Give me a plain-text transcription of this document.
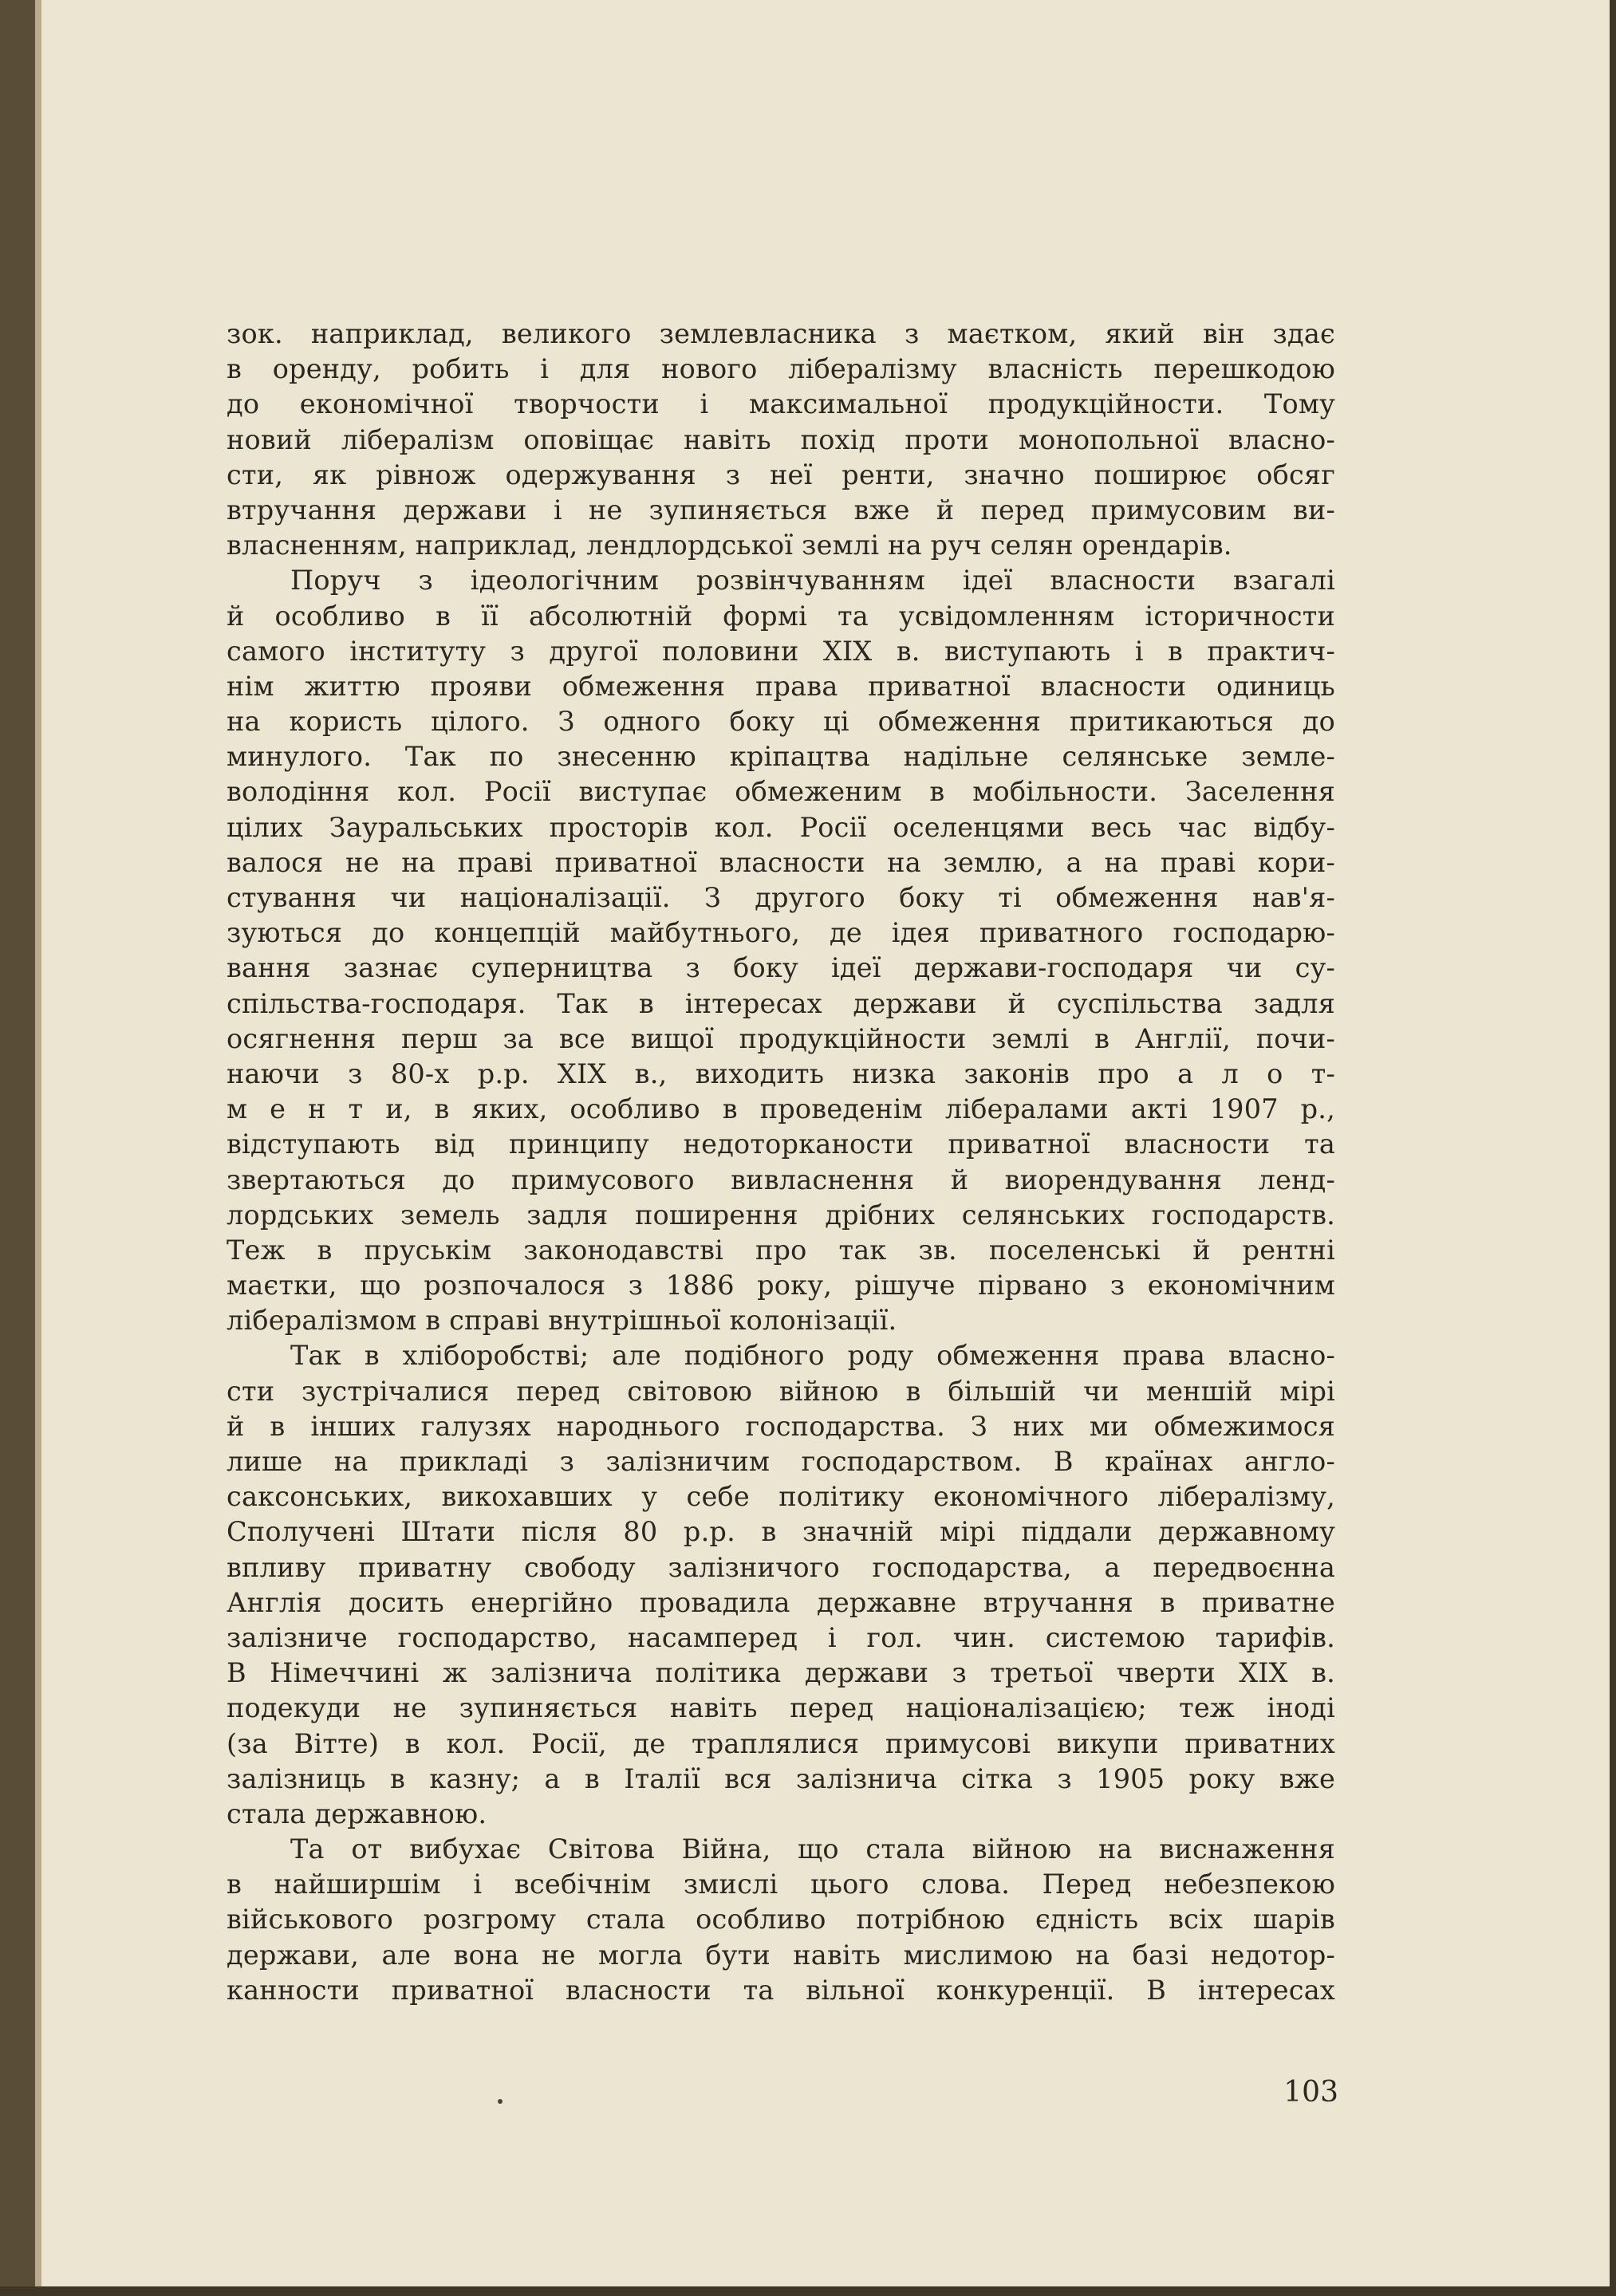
зок. наприклад, великого землевласника з маєтком, який він здає
в оренду, робить і для нового лібералізму власність перешкодою
до економічної творчости і максимальної продукційности. Тому
новий лібералізм оповіщає навіть похід проти монопольної власно-
сти, як рівнож одержування з неї ренти, значно поширює обсяг
втручання держави і не зупиняється вже й перед примусовим ви-
власненням, наприклад, лендлордської землі на руч селян орендарів.
Поруч з ідеологічним розвінчуванням ідеї власности взагалі
й особливо в її абсолютній формі та усвідомленням історичности
самого інституту з другої половини XIX в. виступають і в практич-
нім життю прояви обмеження права приватної власности одиниць
на користь цілого. З одного боку ці обмеження притикаються до
минулого. Так по знесенню кріпацтва надільне селянське земле-
володіння кол. Росії виступає обмеженим в мобільности. Заселення
цілих Зауральських просторів кол. Росії оселенцями весь час відбу-
валося не на праві приватної власности на землю, а на праві кори-
стування чи націоналізації. З другого боку ті обмеження нав'я-
зуються до концепцій майбутнього, де ідея приватного господарю-
вання зазнає суперництва з боку ідеї держави-господаря чи су-
спільства-господаря. Так в інтересах держави й суспільства задля
осягнення перш за все вищої продукційности землі в Англії, почи-
наючи з 80-х р.р. XIX в., виходить низка законів про а л о т-
м е н т и, в яких, особливо в проведенім лібералами акті 1907 р.,
відступають від принципу недоторканости приватної власности та
звертаються до примусового вивласнення й виорендування ленд-
лордських земель задля поширення дрібних селянських господарств.
Теж в пруськім законодавстві про так зв. поселенські й рентні
маєтки, що розпочалося з 1886 року, рішуче пірвано з економічним
лібералізмом в справі внутрішньої колонізації.
Так в хліборобстві; але подібного роду обмеження права власно-
сти зустрічалися перед світовою війною в більшій чи меншій мірі
й в інших галузях народнього господарства. З них ми обмежимося
лише на прикладі з залізничим господарством. В країнах англо-
саксонських, викохавших у себе політику економічного лібералізму,
Сполучені Штати після 80 р.р. в значній мірі піддали державному
впливу приватну свободу залізничого господарства, а передвоєнна
Англія досить енергійно провадила державне втручання в приватне
залізниче господарство, насамперед і гол. чин. системою тарифів.
В Німеччині ж залізнича політика держави з третьої чверти XIX в.
подекуди не зупиняється навіть перед націоналізацією; теж іноді
(за Вітте) в кол. Росії, де траплялися примусові викупи приватних
залізниць в казну; а в Італії вся залізнича сітка з 1905 року вже
стала державною.
Та от вибухає Світова Війна, що стала війною на виснаження
в найширшім і всебічнім змислі цього слова. Перед небезпекою
військового розгрому стала особливо потрібною єдність всіх шарів
держави, але вона не могла бути навіть мислимою на базі недотор-
канности приватної власности та вільної конкуренції. В інтересах
103
